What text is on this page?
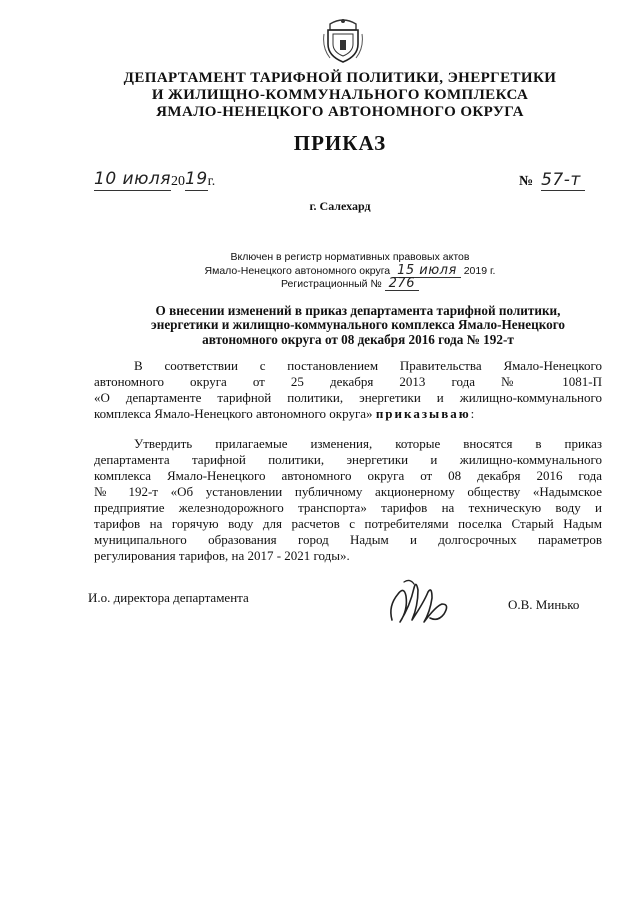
ДЕПАРТАМЕНТ ТАРИФНОЙ ПОЛИТИКИ, ЭНЕРГЕТИКИ
И ЖИЛИЩНО-КОММУНАЛЬНОГО КОМПЛЕКСА
ЯМАЛО-НЕНЕЦКОГО АВТОНОМНОГО ОКРУГА
ПРИКАЗ
10 июля2019г.	№ 57-т
г. Салехард
Включен в регистр нормативных правовых актов
Ямало-Ненецкого автономного округа 15 июля 2019 г.
Регистрационный № 276
О внесении изменений в приказ департамента тарифной политики,
энергетики и жилищно-коммунального комплекса Ямало-Ненецкого
автономного округа от 08 декабря 2016 года № 192-т
В соответствии с постановлением Правительства Ямало-Ненецкого
автономного округа от 25 декабря 2013 года № 1081-П
«О департаменте тарифной политики, энергетики и жилищно-коммунального
комплекса Ямало-Ненецкого автономного округа» приказываю:
Утвердить прилагаемые изменения, которые вносятся в приказ
департамента тарифной политики, энергетики и жилищно-коммунального
комплекса Ямало-Ненецкого автономного округа от 08 декабря 2016 года
№ 192-т «Об установлении публичному акционерному обществу «Надымское
предприятие железнодорожного транспорта» тарифов на техническую воду и
тарифов на горячую воду для расчетов с потребителями поселка Старый Надым
муниципального образования город Надым и долгосрочных параметров
регулирования тарифов, на 2017 - 2021 годы».
И.о. директора департамента	О.В. Минько
